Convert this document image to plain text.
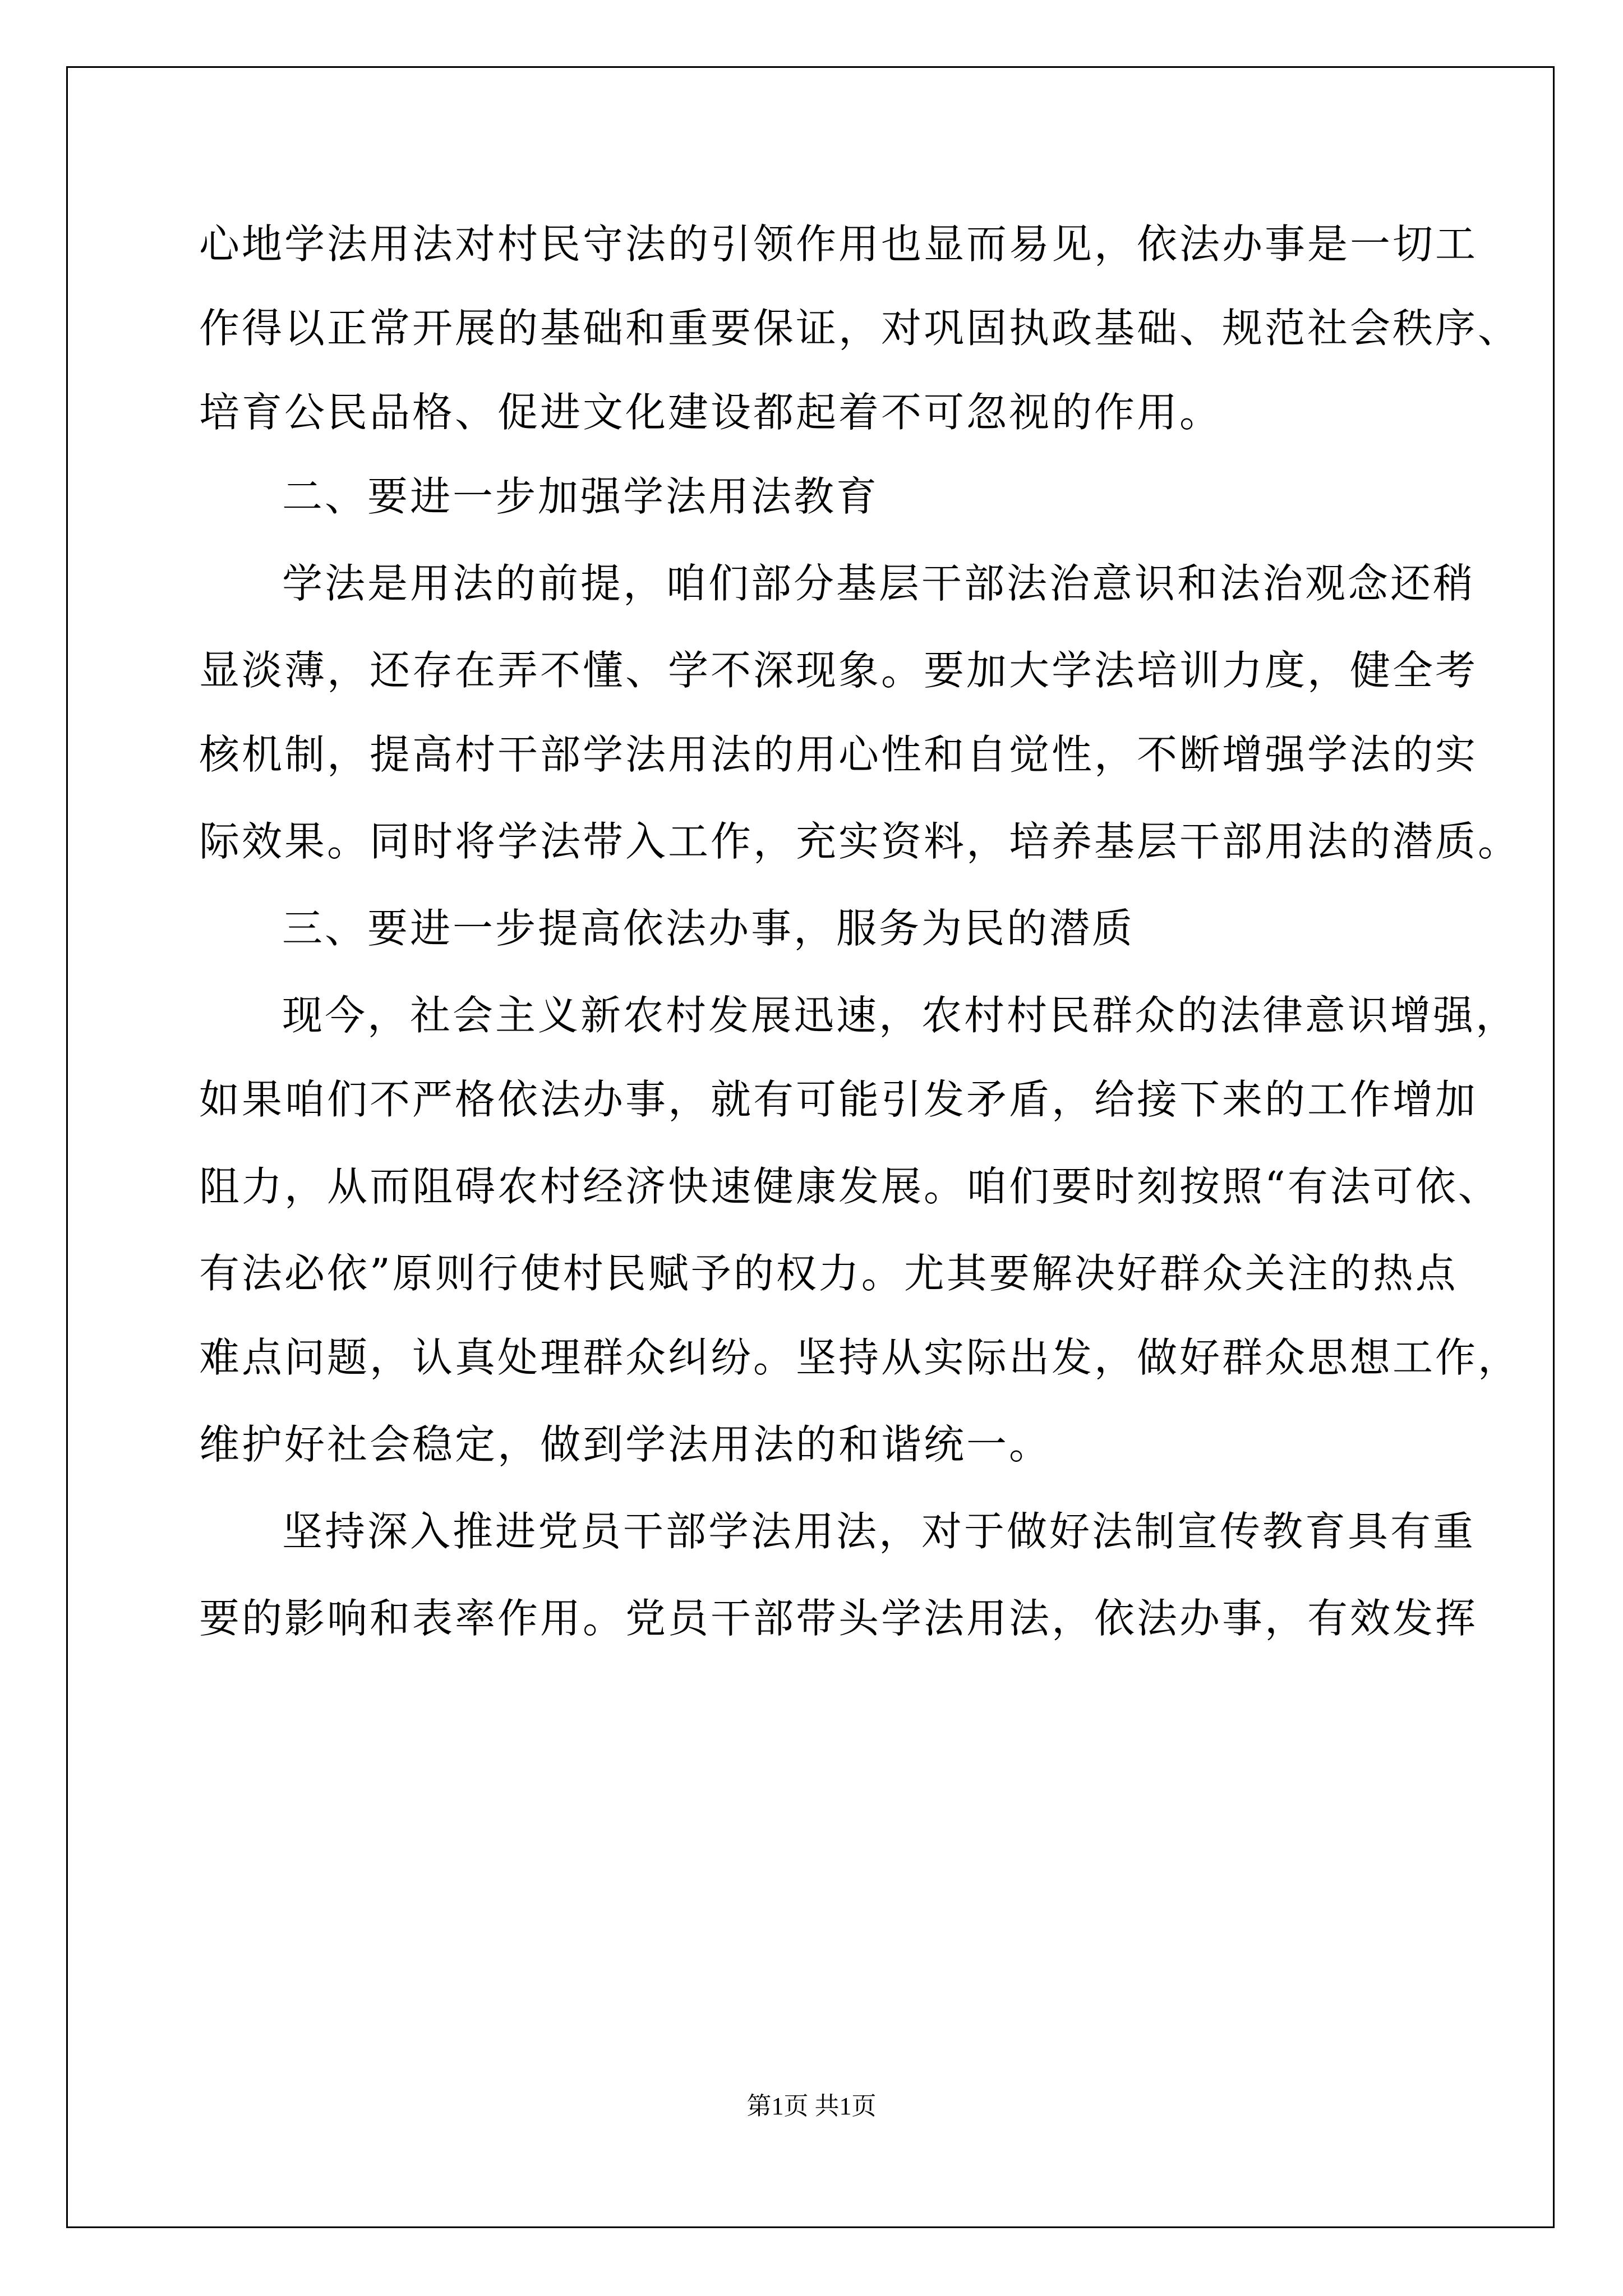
心地学法用法对村民守法的引领作用也显而易见，依法办事是一切工
作得以正常开展的基础和重要保证，对巩固执政基础、规范社会秩序、
培育公民品格、促进文化建设都起着不可忽视的作用。
二、要进一步加强学法用法教育
学法是用法的前提，咱们部分基层干部法治意识和法治观念还稍
显淡薄，还存在弄不懂、学不深现象。要加大学法培训力度，健全考
核机制，提高村干部学法用法的用心性和自觉性，不断增强学法的实
际效果。同时将学法带入工作，充实资料，培养基层干部用法的潜质。
三、要进一步提高依法办事，服务为民的潜质
现今，社会主义新农村发展迅速，农村村民群众的法律意识增强，
如果咱们不严格依法办事，就有可能引发矛盾，给接下来的工作增加
阻力，从而阻碍农村经济快速健康发展。咱们要时刻按照“有法可依、
有法必依”原则行使村民赋予的权力。尤其要解决好群众关注的热点
难点问题，认真处理群众纠纷。坚持从实际出发，做好群众思想工作，
维护好社会稳定，做到学法用法的和谐统一。
坚持深入推进党员干部学法用法，对于做好法制宣传教育具有重
要的影响和表率作用。党员干部带头学法用法，依法办事，有效发挥
第1页 共1页
